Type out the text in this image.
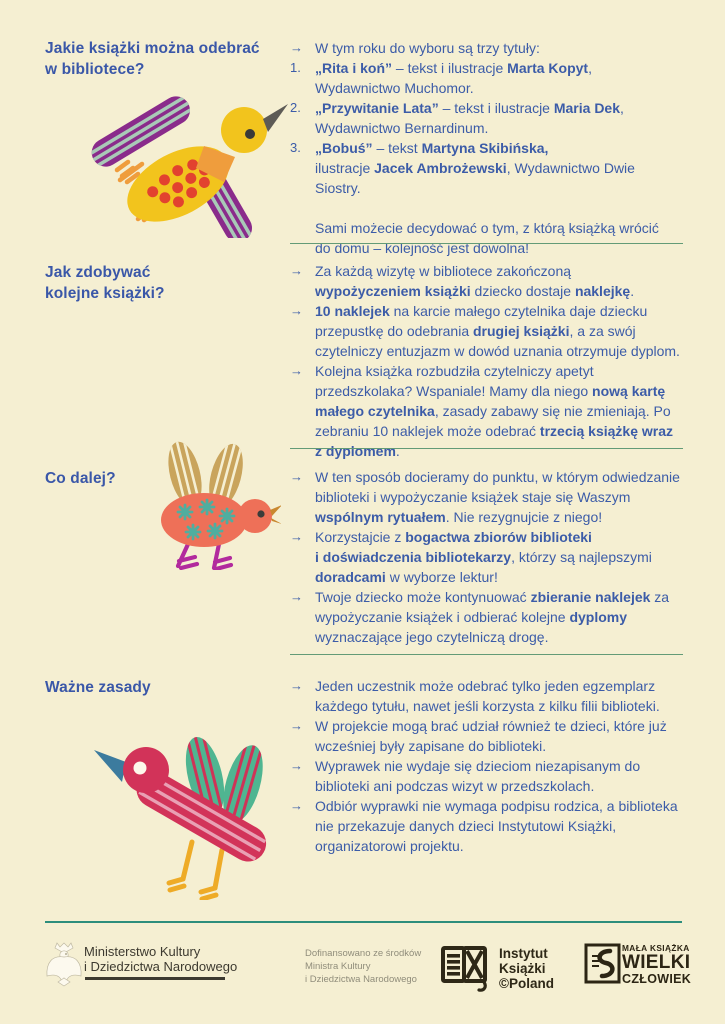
Jakie książki można odebrać
w bibliotece?
→ W tym roku do wyboru są trzy tytuły:
1.	„Rita i koń” – tekst i ilustracje Marta Kopyt,
Wydawnictwo Muchomor.
2.	„Przywitanie Lata” – tekst i ilustracje Maria Dek,
Wydawnictwo Bernardinum.
3.	„Bobuś” – tekst Martyna Skibińska,
ilustracje Jacek Ambrożewski, Wydawnictwo Dwie Siostry.
Sami możecie decydować o tym, z którą książką wrócić do domu – kolejność jest dowolna!
Jak zdobywać
kolejne książki?
→ Za każdą wizytę w bibliotece zakończoną wypożyczeniem książki dziecko dostaje naklejkę.
→ 10 naklejek na karcie małego czytelnika daje dziecku przepustkę do odebrania drugiej książki, a za swój czytelniczy entuzjazm w dowód uznania otrzymuje dyplom.
→ Kolejna książka rozbudziła czytelniczy apetyt przedszkolaka? Wspaniale! Mamy dla niego nową kartę małego czytelnika, zasady zabawy się nie zmieniają. Po zebraniu 10 naklejek może odebrać trzecią książkę wraz z dyplomem.
Co dalej?	→ W ten sposób docieramy do punktu, w którym odwiedzanie biblioteki i wypożyczanie książek staje się Waszym wspólnym rytuałem. Nie rezygnujcie z niego!
→ Korzystajcie z bogactwa zbiorów biblioteki
i doświadczenia bibliotekarzy, którzy są najlepszymi doradcami w wyborze lektur!
→ Twoje dziecko może kontynuować zbieranie naklejek za wypożyczanie książek i odbierać kolejne dyplomy wyznaczające jego czytelniczą drogę.
Ważne zasady	→ Jeden uczestnik może odebrać tylko jeden egzemplarz każdego tytułu, nawet jeśli korzysta z kilku filii biblioteki.
→ W projekcie mogą brać udział również te dzieci, które już wcześniej były zapisane do biblioteki.
→ Wyprawek nie wydaje się dzieciom niezapisanym do biblioteki ani podczas wizyt w przedszkolach.
→ Odbiór wyprawki nie wymaga podpisu rodzica, a biblioteka nie przekazuje danych dzieci Instytutowi Książki, organizatorowi projektu.
Ministerstwo Kultury
i Dziedzictwa Narodowego
Dofinansowano ze środków
Ministra Kultury
i Dziedzictwa Narodowego
Instytut
Książki
©Poland
MAŁA KSIĄŻKA
WIELKI
CZŁOWIEK
